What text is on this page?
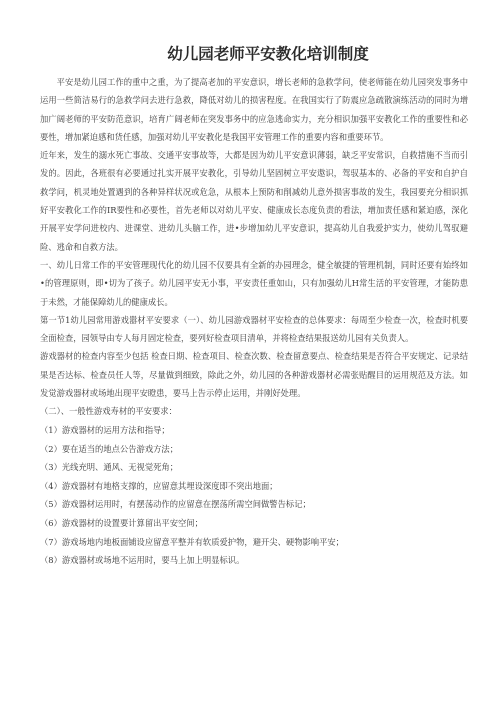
幼儿园老师平安教化培训制度

平安是幼儿园工作的重中之重，为了提高老加的平安意识，增长老师的急救学问，使老师能在幼儿园突发事务中运用一些简洁易行的急救学问去进行急救，降低对幼儿的损害程度。在我国实行了防震应急疏散演练活动的同时为增加广阔老师的平安防范意识，培育广阔老师在突发事务中的应急逃命实力，充分相识加强平安教化工作的重要性和必要性，增加紧迫感和货任感，加强对幼儿平安教化是我国平安管理工作的重要内容和重要环节。

近年来，发生的溺水死亡事故、交通平安事故等，大都是因为幼儿平安意识薄弱，缺乏平安常识，自救措施不当而引发的。因此，各班很有必要通过扎实开展平安教化，引导幼儿坚固树立平安遨识，驾驭基本的、必备的平安和自护自救学问，机灵地处置遇到的各种异样状况或危急，从根本上预防和削减幼儿意外损害事故的发生，我园要充分相识抓好平安教化工作的IR要性和必要性，首先老师以对幼儿平安、健康成长态度负责的看法，增加责任感和紧迫感，深化开展平安学问进校内、进课堂、进幼儿头脑工作，进•步增加幼儿平安意识，提高幼儿自我爱护实力，使幼儿驾驭避险、逃命和自救方法。

一、幼儿日常工作的平安管理现代化的幼儿园不仅要具有全新的办园理念，健全敏捷的管理机制，同时还要有始终如•的管理原则，即•切为了孩子。幼儿园平安无小事，平安责任重如山，只有加强幼儿H常生活的平安管理，才能防患于未然，才能保障幼儿的健康成长。

第一节1幼儿园常用游戏嚣材平安要求（一）、幼儿园游戏器材平安检查的总体要求：每周至少检查一次，检查时机要全面检查，园领导由专人每月固定检查，要列好检查项目清单，并将检查结果报送幼儿园有关负责人。

游戏器材的检查内容至少包括 检查日期、检查项目、检查次数、检查留意要点、检查结果是否符合平安规定、记录结果是否达标、检查员任人等，尽量做到细致，除此之外，幼儿园的各种游戏器材必需张贴醒目的运用规范及方法。如发觉游戏器材或场地出现平安瞪患，要马上告示停止运用，并刚好处理。

（二）、一般性游戏寿材的平安要求：

（1）游戏器材的运用方法和指导；

（2）要在适当的地点公告游戏方法；

（3）光线充明、通风、无视觉死角；

（4）游戏器材有地格支撑的，应留意其埋设深度即不突出地面；

（5）游戏器材运用时，有摆荡动作的应留意在摆荡所需空间做警告标记；

（6）游戏器材的设置要计算留出平安空间；

（7）游戏场地内地板面铺设应留意平整并有软质爱护物，避开尖、硬物影响平安；

（8）游戏器材或场地不运用时，要马上加上明显标识。
